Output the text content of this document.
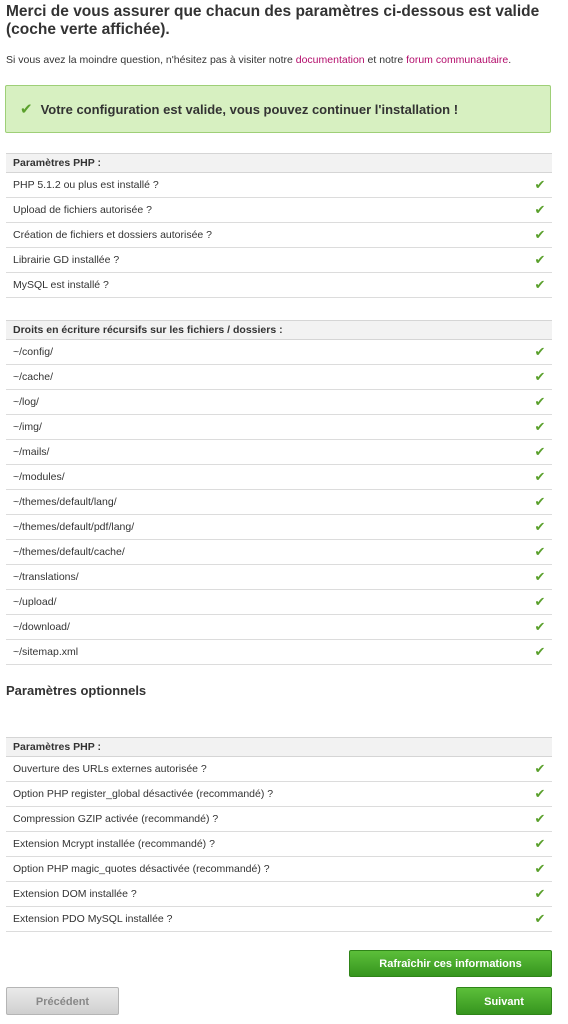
Merci de vous assurer que chacun des paramètres ci-dessous est valide (coche verte affichée).

Si vous avez la moindre question, n'hésitez pas à visiter notre documentation et notre forum communautaire.

✔ Votre configuration est valide, vous pouvez continuer l'installation !
Paramètres PHP :	
PHP 5.1.2 ou plus est installé ?	✔
Upload de fichiers autorisée ?	✔
Création de fichiers et dossiers autorisée ?	✔
Librairie GD installée ?	✔
MySQL est installé ?	✔
Droits en écriture récursifs sur les fichiers / dossiers :	
~/config/	✔
~/cache/	✔
~/log/	✔
~/img/	✔
~/mails/	✔
~/modules/	✔
~/themes/default/lang/	✔
~/themes/default/pdf/lang/	✔
~/themes/default/cache/	✔
~/translations/	✔
~/upload/	✔
~/download/	✔
~/sitemap.xml	✔
Paramètres optionnels
Paramètres PHP :	
Ouverture des URLs externes autorisée ?	✔
Option PHP register_global désactivée (recommandé) ?	✔
Compression GZIP activée (recommandé) ?	✔
Extension Mcrypt installée (recommandé) ?	✔
Option PHP magic_quotes désactivée (recommandé) ?	✔
Extension DOM installée ?	✔
Extension PDO MySQL installée ?	✔
Rafraîchir ces informations
Précédent	Suivant
